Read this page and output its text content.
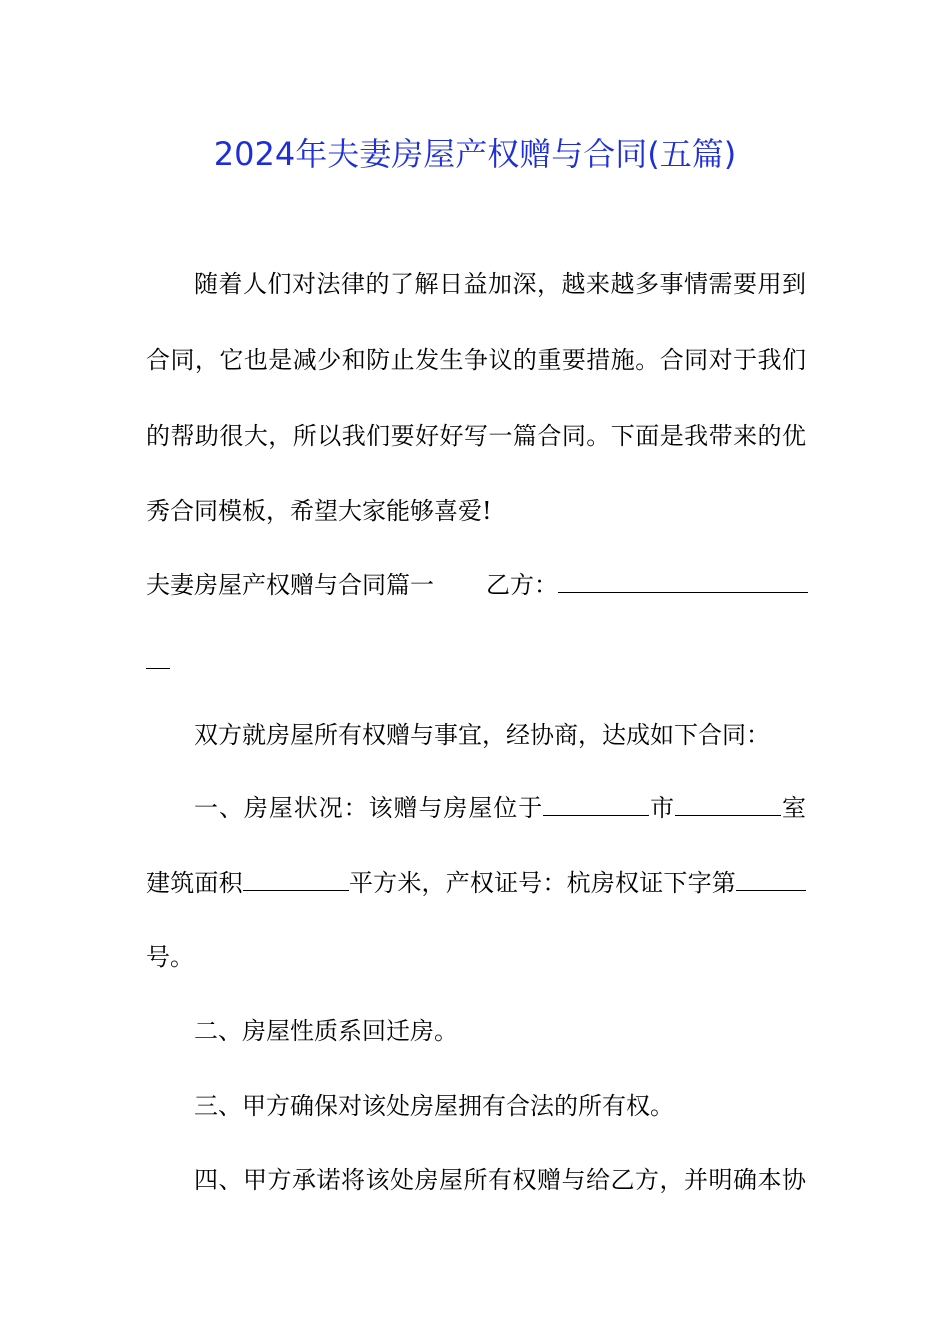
2024年夫妻房屋产权赠与合同(五篇)
随着人们对法律的了解日益加深，越来越多事情需要用到
合同，它也是减少和防止发生争议的重要措施。合同对于我们
的帮助很大，所以我们要好好写一篇合同。下面是我带来的优
秀合同模板，希望大家能够喜爱!
夫妻房屋产权赠与合同篇一 乙方：
双方就房屋所有权赠与事宜，经协商，达成如下合同：
一、房屋状况：该赠与房屋位于	市	室
建筑面积	平方米，产权证号：杭房权证下字第
号。
二、房屋性质系回迁房。
三、甲方确保对该处房屋拥有合法的所有权。
四、甲方承诺将该处房屋所有权赠与给乙方，并明确本协
